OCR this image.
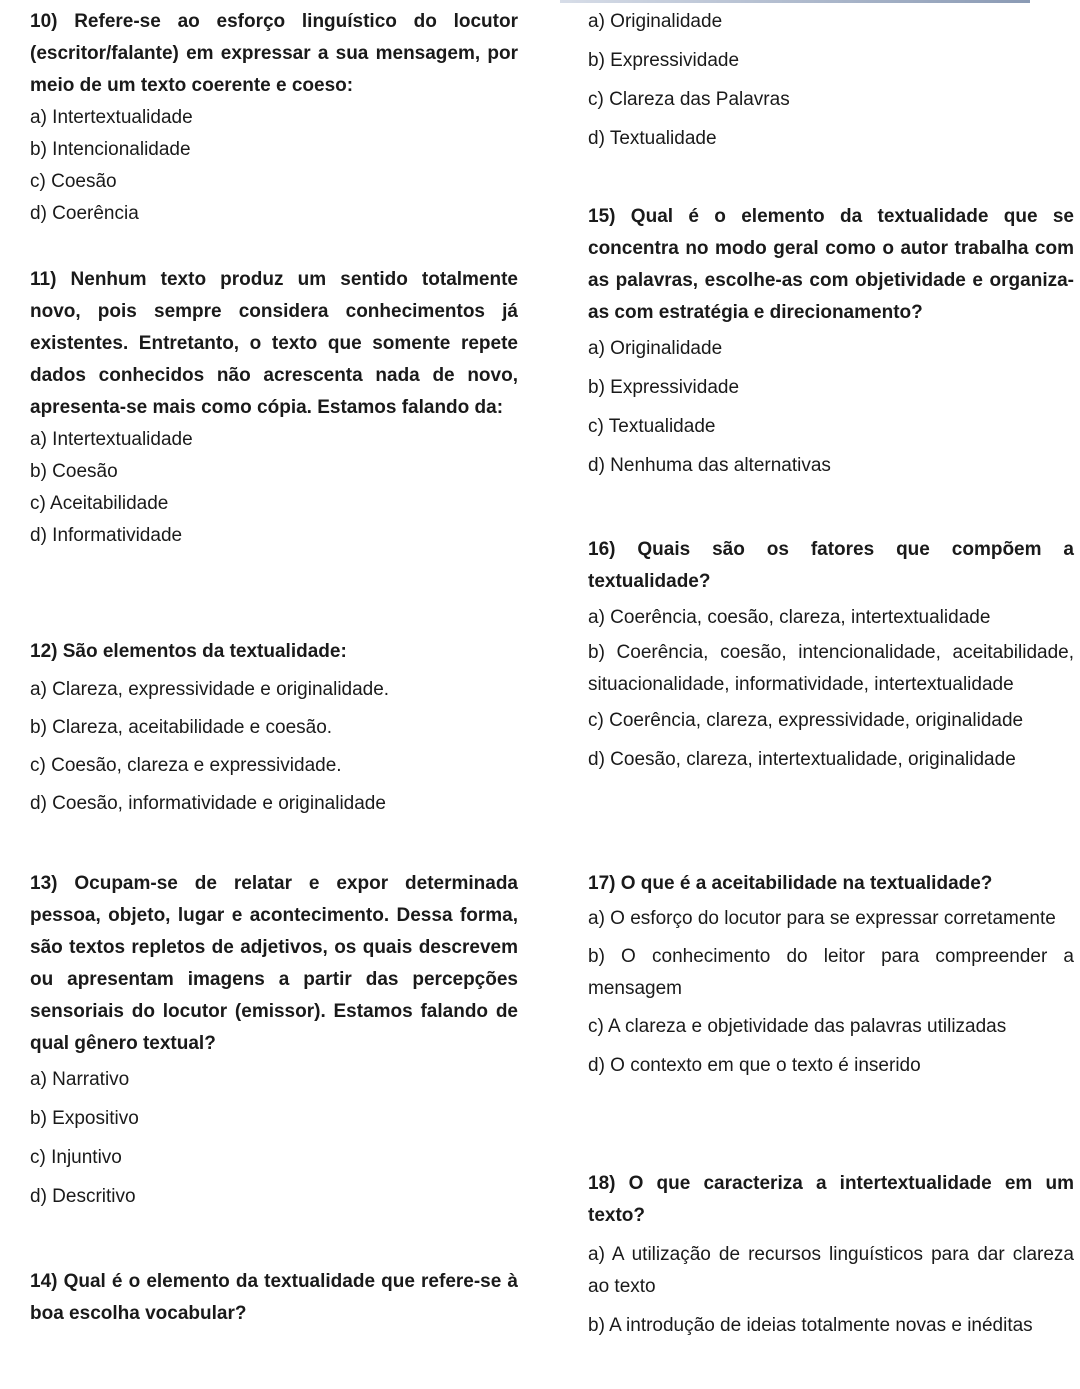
10) Refere-se ao esforço linguístico do locutor (escritor/falante) em expressar a sua mensagem, por meio de um texto coerente e coeso:

a) Intertextualidade

b) Intencionalidade

c) Coesão

d) Coerência

11) Nenhum texto produz um sentido totalmente novo, pois sempre considera conhecimentos já existentes. Entretanto, o texto que somente repete dados conhecidos não acrescenta nada de novo, apresenta-se mais como cópia. Estamos falando da:

a) Intertextualidade

b) Coesão

c) Aceitabilidade

d) Informatividade

12) São elementos da textualidade:

a) Clareza, expressividade e originalidade.

b) Clareza, aceitabilidade e coesão.

c) Coesão, clareza e expressividade.

d) Coesão, informatividade e originalidade

13) Ocupam-se de relatar e expor determinada pessoa, objeto, lugar e acontecimento. Dessa forma, são textos repletos de adjetivos, os quais descrevem ou apresentam imagens a partir das percepções sensoriais do locutor (emissor). Estamos falando de qual gênero textual?

a) Narrativo

b) Expositivo

c) Injuntivo

d) Descritivo

14) Qual é o elemento da textualidade que refere-se à boa escolha vocabular?

a) Originalidade

b) Expressividade

c) Clareza das Palavras

d) Textualidade

15) Qual é o elemento da textualidade que se concentra no modo geral como o autor trabalha com as palavras, escolhe-as com objetividade e organiza-as com estratégia e direcionamento?

a) Originalidade

b) Expressividade

c) Textualidade

d) Nenhuma das alternativas

16) Quais são os fatores que compõem a textualidade?

a) Coerência, coesão, clareza, intertextualidade

b) Coerência, coesão, intencionalidade, aceitabilidade, situacionalidade, informatividade, intertextualidade

c) Coerência, clareza, expressividade, originalidade

d) Coesão, clareza, intertextualidade, originalidade

17) O que é a aceitabilidade na textualidade?

a) O esforço do locutor para se expressar corretamente

b) O conhecimento do leitor para compreender a mensagem

c) A clareza e objetividade das palavras utilizadas

d) O contexto em que o texto é inserido

18) O que caracteriza a intertextualidade em um texto?

a) A utilização de recursos linguísticos para dar clareza ao texto

b) A introdução de ideias totalmente novas e inéditas
